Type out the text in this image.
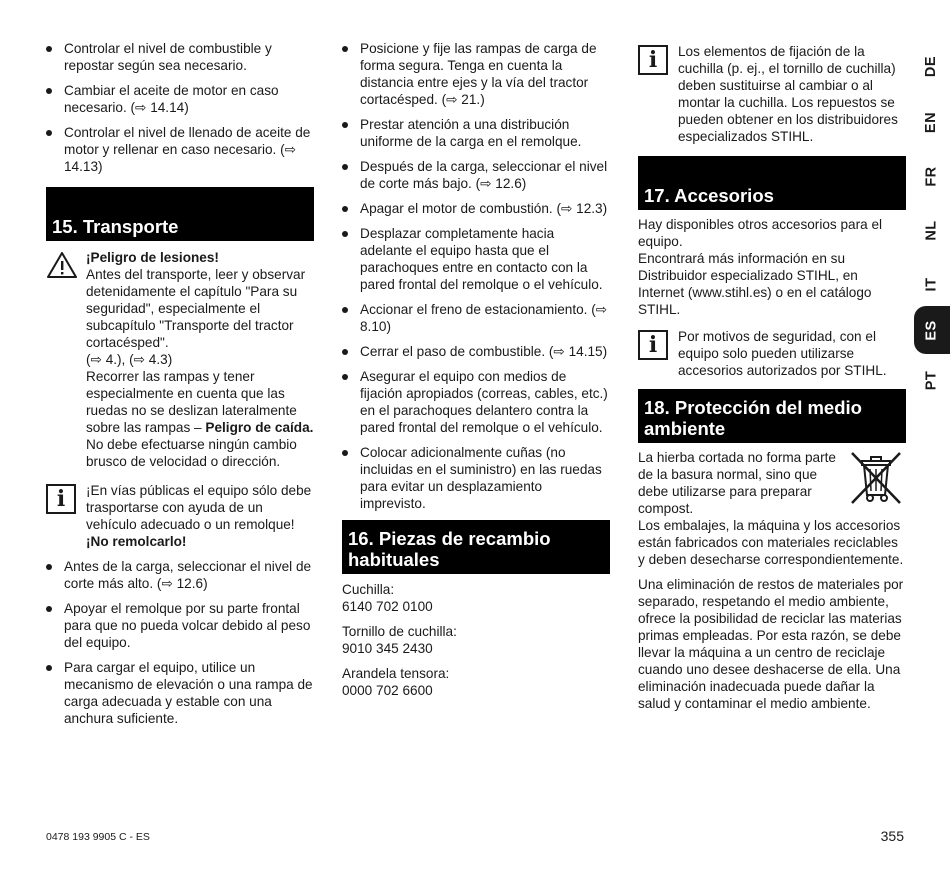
Controlar el nivel de combustible y repostar según sea necesario.
Cambiar el aceite de motor en caso necesario. (⇨ 14.14)
Controlar el nivel de llenado de aceite de motor y rellenar en caso necesario. (⇨ 14.13)
15. Transporte

¡Peligro de lesiones!

Antes del transporte, leer y observar detenidamente el capítulo "Para su seguridad", especialmente el subcapítulo "Transporte del tractor cortacésped".

(⇨ 4.), (⇨ 4.3)

Recorrer las rampas y tener especialmente en cuenta que las ruedas no se deslizan lateralmente sobre las rampas – Peligro de caída.

No debe efectuarse ningún cambio brusco de velocidad o dirección.

i	¡En vías públicas el equipo sólo debe trasportarse con ayuda de un vehículo adecuado o un remolque!

¡No remolcarlo!

Antes de la carga, seleccionar el nivel de corte más alto. (⇨ 12.6)
Apoyar el remolque por su parte frontal para que no pueda volcar debido al peso del equipo.
Para cargar el equipo, utilice un mecanismo de elevación o una rampa de carga adecuada y estable con una anchura suficiente.
Posicione y fije las rampas de carga de forma segura. Tenga en cuenta la distancia entre ejes y la vía del tractor cortacésped. (⇨ 21.)
Prestar atención a una distribución uniforme de la carga en el remolque.
Después de la carga, seleccionar el nivel de corte más bajo. (⇨ 12.6)
Apagar el motor de combustión. (⇨ 12.3)
Desplazar completamente hacia adelante el equipo hasta que el parachoques entre en contacto con la pared frontal del remolque o el vehículo.
Accionar el freno de estacionamiento. (⇨ 8.10)
Cerrar el paso de combustible. (⇨ 14.15)
Asegurar el equipo con medios de fijación apropiados (correas, cables, etc.) en el parachoques delantero contra la pared frontal del remolque o el vehículo.
Colocar adicionalmente cuñas (no incluidas en el suministro) en las ruedas para evitar un desplazamiento imprevisto.
16. Piezas de recambio habituales

Cuchilla:

6140 702 0100

Tornillo de cuchilla:

9010 345 2430

Arandela tensora:

0000 702 6600

i	Los elementos de fijación de la cuchilla (p. ej., el tornillo de cuchilla) deben sustituirse al cambiar o al montar la cuchilla. Los repuestos se pueden obtener en los distribuidores especializados STIHL.
17. Accesorios

Hay disponibles otros accesorios para el equipo.

Encontrará más información en su Distribuidor especializado STIHL, en Internet (www.stihl.es) o en el catálogo STIHL.

i	Por motivos de seguridad, con el equipo solo pueden utilizarse accesorios autorizados por STIHL.
18. Protección del medio ambiente

La hierba cortada no forma parte de la basura normal, sino que debe utilizarse para preparar compost.

Los embalajes, la máquina y los accesorios están fabricados con materiales reciclables y deben desecharse correspondientemente.

Una eliminación de restos de materiales por separado, respetando el medio ambiente, ofrece la posibilidad de reciclar las materias primas empleadas. Por esta razón, se debe llevar la máquina a un centro de reciclaje cuando uno desee deshacerse de ella. Una eliminación inadecuada puede dañar la salud y contaminar el medio ambiente.

DE
EN
FR
NL
IT
ES
PT
0478 193 9905 C - ES	355
